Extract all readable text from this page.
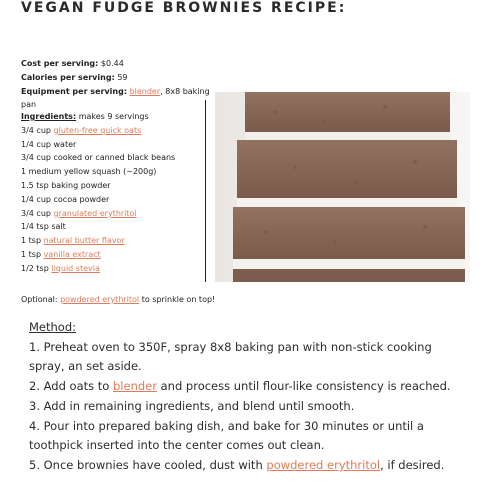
VEGAN FUDGE BROWNIES RECIPE:
Cost per serving: $0.44
Calories per serving: 59
Equipment per serving: blender, 8x8 baking pan
Ingredients: makes 9 servings
3/4 cup gluten-free quick oats
1/4 cup water
3/4 cup cooked or canned black beans
1 medium yellow squash (~200g)
1.5 tsp baking powder
1/4 cup cocoa powder
3/4 cup granulated erythritol
1/4 tsp salt
1 tsp natural butter flavor
1 tsp vanilla extract
1/2 tsp liquid stevia
Optional: powdered erythritol to sprinkle on top!
Method:

1. Preheat oven to 350F, spray 8x8 baking pan with non-stick cooking spray, an set aside.

2. Add oats to blender and process until flour-like consistency is reached.

3. Add in remaining ingredients, and blend until smooth.

4. Pour into prepared baking dish, and bake for 30 minutes or until a toothpick inserted into the center comes out clean.

5. Once brownies have cooled, dust with powdered erythritol, if desired.
